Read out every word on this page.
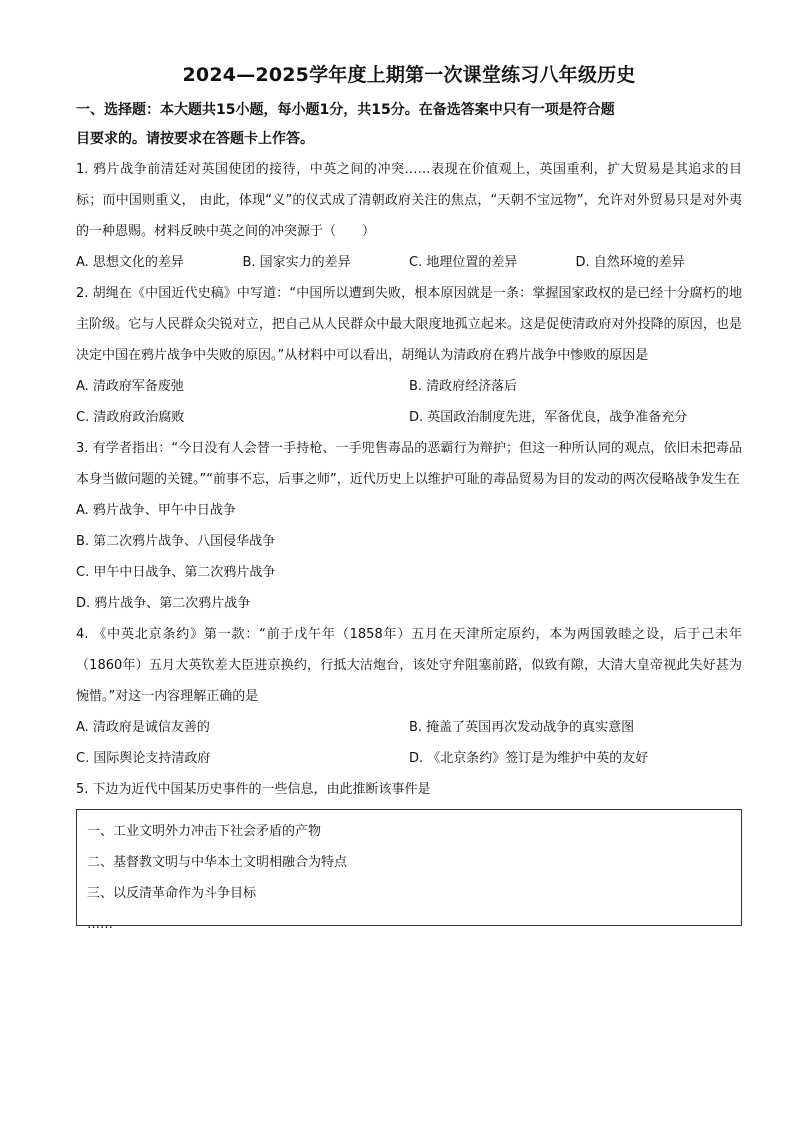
2024—2025学年度上期第一次课堂练习八年级历史

一、选择题：本大题共15小题，每小题1分，共15分。在备选答案中只有一项是符合题

目要求的。请按要求在答题卡上作答。

1. 鸦片战争前清廷对英国使团的接待，中英之间的冲突……表现在价值观上，英国重利，扩大贸易是其追求的目标；而中国则重义， 由此，体现“义”的仪式成了清朝政府关注的焦点，“天朝不宝远物”，允许对外贸易只是对外夷的一种恩赐。材料反映中英之间的冲突源于（　　）

A. 思想文化的差异	B. 国家实力的差异	C. 地理位置的差异	D. 自然环境的差异

2. 胡绳在《中国近代史稿》中写道：“中国所以遭到失败，根本原因就是一条：掌握国家政权的是已经十分腐朽的地主阶级。它与人民群众尖锐对立，把自己从人民群众中最大限度地孤立起来。这是促使清政府对外投降的原因，也是决定中国在鸦片战争中失败的原因。”从材料中可以看出，胡绳认为清政府在鸦片战争中惨败的原因是

A. 清政府军备废弛	B. 清政府经济落后
C. 清政府政治腐败	D. 英国政治制度先进，军备优良，战争准备充分

3. 有学者指出：“今日没有人会替一手持枪、一手兜售毒品的恶霸行为辩护；但这一种所认同的观点，依旧未把毒品本身当做问题的关键。”“前事不忘，后事之师”，近代历史上以维护可耻的毒品贸易为目的发动的两次侵略战争发生在

A. 鸦片战争、甲午中日战争
B. 第二次鸦片战争、八国侵华战争
C. 甲午中日战争、第二次鸦片战争
D. 鸦片战争、第二次鸦片战争

4. 《中英北京条约》第一款：“前于戊午年（1858年）五月在天津所定原约，本为两国敦睦之设，后于己未年（1860年）五月大英钦差大臣进京换约，行抵大沽炮台，该处守弁阻塞前路，似致有隙，大清大皇帝视此失好甚为惋惜。”对这一内容理解正确的是

A. 清政府是诚信友善的	B. 掩盖了英国再次发动战争的真实意图
C. 国际舆论支持清政府	D. 《北京条约》签订是为维护中英的友好

5. 下边为近代中国某历史事件的一些信息，由此推断该事件是

一、工业文明外力冲击下社会矛盾的产物
二、基督教文明与中华本土文明相融合为特点
三、以反清革命作为斗争目标
……
